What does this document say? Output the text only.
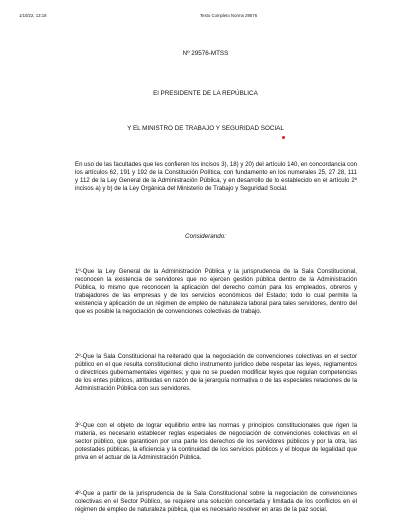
1/10/22, 13:18	Texto Completo Norma 29576
Nº 29576-MTSS
El PRESIDENTE DE LA REPÚBLICA
Y EL MINISTRO DE TRABAJO Y SEGURIDAD SOCIAL

En uso de las facultades que les confieren los incisos 3), 18) y 20) del artículo 140, en concordancia con los artículos 62, 191 y 192 de la Constitución Política, con fundamento en los numerales 25, 27 28, 111 y 112 de la Ley General de la Administración Pública, y en desarrollo de lo establecido en el artículo 2º incisos a) y b) de la Ley Orgánica del Ministerio de Trabajo y Seguridad Social.

Considerando:

1º-Que la Ley General de la Administración Pública y la jurisprudencia de la Sala Constitucional, reconocen la existencia de servidores que no ejercen gestión pública dentro de la Administración Pública, lo mismo que reconocen la aplicación del derecho común para los empleados, obreros y trabajadores de las empresas y de los servicios económicos del Estado; todo lo cual permite la existencia y aplicación de un régimen de empleo de naturaleza laboral para tales servidores, dentro del que es posible la negociación de convenciones colectivas de trabajo.

2º-Que la Sala Constitucional ha reiterado que la negociación de convenciones colectivas en el sector público en el que resulta constitucional dicho instrumento jurídico debe respetar las leyes, reglamentos o directrices gubernamentales vigentes; y que no se pueden modificar leyes que regulan competencias de los entes públicos, atribuidas en razón de la jerarquía normativa o de las especiales relaciones de la Administración Pública con sus servidores.

3º-Que con el objeto de lograr equilibrio entre las normas y principios constitucionales que rigen la materia, es necesario establecer reglas especiales de negociación de convenciones colectivas en el sector público, que garanticen por una parte los derechos de los servidores públicos y por la otra, las potestades públicas, la eficiencia y la continuidad de los servicios públicos y el bloque de legalidad que priva en el actuar de la Administración Pública.

4º-Que a partir de la jurisprudencia de la Sala Constitucional sobre la negociación de convenciones colectivas en el Sector Público, se requiere una solución concertada y limitada de los conflictos en el régimen de empleo de naturaleza pública, que es necesario resolver en aras de la paz social.
